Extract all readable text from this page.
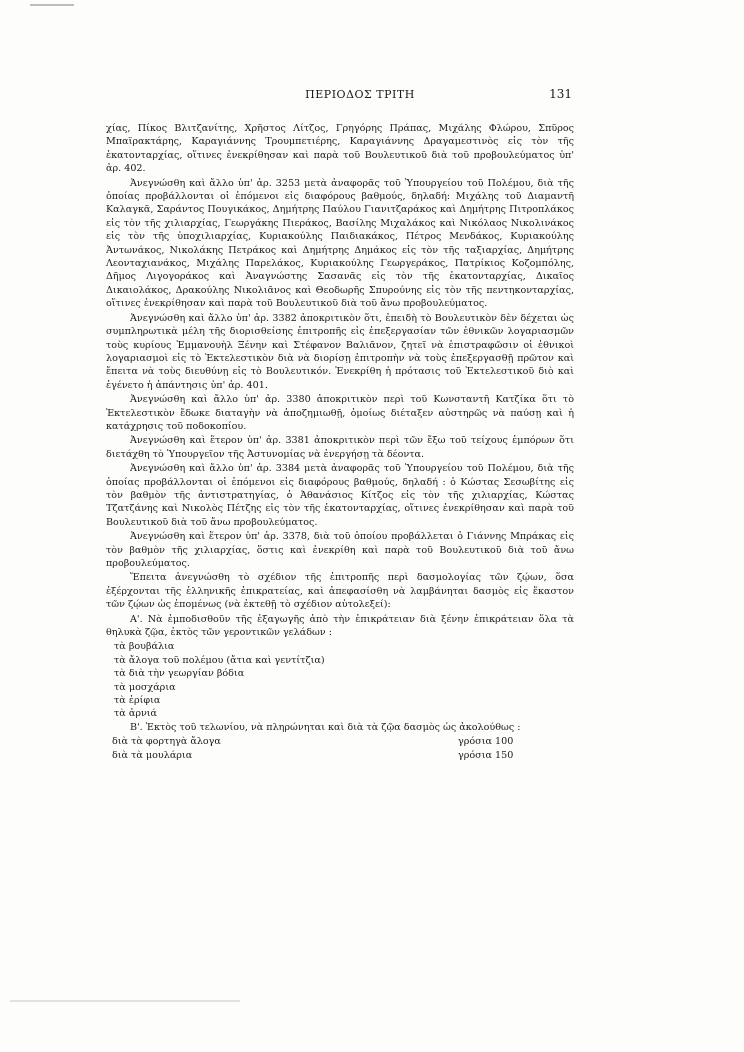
ΠΕΡΙΟΔΟΣ ΤΡΙΤΗ	131

χίας, Πίκος Βλιτζανίτης, Χρῆστος Λίτζος, Γρηγόρης Πράπας, Μιχάλης Φλώρου, Σπῦρος Μπαϊρακτάρης, Καραγιάννης Τρουμπετιέρης, Καραγιάννης Δραγαμεστινὸς εἰς τὸν τῆς ἑκατονταρχίας, οἵτινες ἐνεκρίθησαν καὶ παρὰ τοῦ Βουλευτικοῦ διὰ τοῦ προβουλεύματος ὑπ' ἀρ. 402.

Ἀνεγνώσθη καὶ ἄλλο ὑπ' ἀρ. 3253 μετὰ ἀναφορᾶς τοῦ Ὑπουργείου τοῦ Πολέμου, διὰ τῆς ὁποίας προβάλλονται οἱ ἑπόμενοι εἰς διαφόρους βαθμούς, δηλαδή: Μιχάλης τοῦ Διαμαντῆ Καλαγκᾶ, Σαράντος Πουγικάκος, Δημήτρης Παύλου Γιανιτζαράκος καὶ Δημήτρης Πιτροπλάκος εἰς τὸν τῆς χιλιαρχίας, Γεωργάκης Πιεράκος, Βασίλης Μιχαλάκος καὶ Νικόλαος Νικολινάκος εἰς τὸν τῆς ὑποχιλιαρχίας, Κυριακούλης Παιδιακάκος, Πέτρος Μενδάκος, Κυριακούλης Ἀντωνάκος, Νικολάκης Πετράκος καὶ Δημήτρης Δημάκος εἰς τὸν τῆς ταξιαρχίας, Δημήτρης Λεονταχιανάκος, Μιχάλης Παρελάκος, Κυριακούλης Γεωργεράκος, Πατρίκιος Κοζομπόλης, Δῆμος Λιγογοράκος καὶ Ἀναγνώστης Σασανᾶς εἰς τὸν τῆς ἑκατονταρχίας, Δικαῖος Δικαιολάκος, Δρακούλης Νικολιᾶνος καὶ Θεοδωρῆς Σπυρούνης εἰς τὸν τῆς πεντηκονταρχίας, οἵτινες ἐνεκρίθησαν καὶ παρὰ τοῦ Βουλευτικοῦ διὰ τοῦ ἄνω προβουλεύματος.

Ἀνεγνώσθη καὶ ἄλλο ὑπ' ἀρ. 3382 ἀποκριτικὸν ὅτι, ἐπειδὴ τὸ Βουλευτικὸν δὲν δέχεται ὡς συμπληρωτικὰ μέλη τῆς διορισθείσης ἐπιτροπῆς εἰς ἐπεξεργασίαν τῶν ἐθνικῶν λογαριασμῶν τοὺς κυρίους Ἐμμανουὴλ Ξένην καὶ Στέφανον Βαλιᾶνον, ζητεῖ νὰ ἐπιστραφῶσιν οἱ ἐθνικοὶ λογαριασμοὶ εἰς τὸ Ἐκτελεστικὸν διὰ νὰ διορίσῃ ἐπιτροπὴν νὰ τοὺς ἐπεξεργασθῇ πρῶτον καὶ ἔπειτα νὰ τοὺς διευθύνῃ εἰς τὸ Βουλευτικόν. Ἐνεκρίθη ἡ πρότασις τοῦ Ἐκτελεστικοῦ διὸ καὶ ἐγένετο ἡ ἀπάντησις ὑπ' ἀρ. 401.

Ἀνεγνώσθη καὶ ἄλλο ὑπ' ἀρ. 3380 ἀποκριτικὸν περὶ τοῦ Κωνσταντῆ Κατζίκα ὅτι τὸ Ἐκτελεστικὸν ἔδωκε διαταγὴν νὰ ἀποζημιωθῇ, ὁμοίως διέταξεν αὐστηρῶς νὰ παύσῃ καὶ ἡ κατάχρησις τοῦ ποδοκοπίου.

Ἀνεγνώσθη καὶ ἕτερον ὑπ' ἀρ. 3381 ἀποκριτικὸν περὶ τῶν ἔξω τοῦ τείχους ἐμπόρων ὅτι διετάχθη τὸ Ὑπουργεῖον τῆς Ἀστυνομίας νὰ ἐνεργήσῃ τὰ δέοντα.

Ἀνεγνώσθη καὶ ἄλλο ὑπ' ἀρ. 3384 μετὰ ἀναφορᾶς τοῦ Ὑπουργείου τοῦ Πολέμου, διὰ τῆς ὁποίας προβάλλονται οἱ ἑπόμενοι εἰς διαφόρους βαθμούς, δηλαδή : ὁ Κώστας Σεσωβίτης εἰς τὸν βαθμὸν τῆς ἀντιστρατηγίας, ὁ Ἀθανάσιος Κίτζος εἰς τὸν τῆς χιλιαρχίας, Κώστας Τζατζάνης καὶ Νικολὸς Πέτζης εἰς τὸν τῆς ἑκατονταρχίας, οἵτινες ἐνεκρίθησαν καὶ παρὰ τοῦ Βουλευτικοῦ διὰ τοῦ ἄνω προβουλεύματος.

Ἀνεγνώσθη καὶ ἕτερον ὑπ' ἀρ. 3378, διὰ τοῦ ὁποίου προβάλλεται ὁ Γιάννης Μπράκας εἰς τὸν βαθμὸν τῆς χιλιαρχίας, ὅστις καὶ ἐνεκρίθη καὶ παρὰ τοῦ Βουλευτικοῦ διὰ τοῦ ἄνω προβουλεύματος.

Ἔπειτα ἀνεγνώσθη τὸ σχέδιον τῆς ἐπιτροπῆς περὶ δασμολογίας τῶν ζῴων, ὅσα ἐξέρχονται τῆς ἑλληνικῆς ἐπικρατείας, καὶ ἀπεφασίσθη νὰ λαμβάνηται δασμὸς εἰς ἕκαστον τῶν ζῴων ὡς ἑπομένως (νὰ ἐκτεθῇ τὸ σχέδιον αὐτολεξεί):

Α'. Νὰ ἐμποδισθοῦν τῆς ἐξαγωγῆς ἀπὸ τὴν ἐπικράτειαν διὰ ξένην ἐπικράτειαν ὅλα τὰ θηλυκὰ ζῷα, ἐκτὸς τῶν γεροντικῶν γελάδων :

τὰ βουβάλια
τὰ ἄλογα τοῦ πολέμου (ἄτια καὶ γεντίτζια)
τὰ διὰ τὴν γεωργίαν βόδια
τὰ μοσχάρια
τὰ ἐρίφια
τὰ ἀρνιά

Β'. Ἐκτὸς τοῦ τελωνίου, νὰ πληρώνηται καὶ διὰ τὰ ζῷα δασμὸς ὡς ἀκολούθως :

διὰ τὰ φορτηγὰ ἄλογα	γρόσια 100
διὰ τὰ μουλάρια	γρόσια 150
